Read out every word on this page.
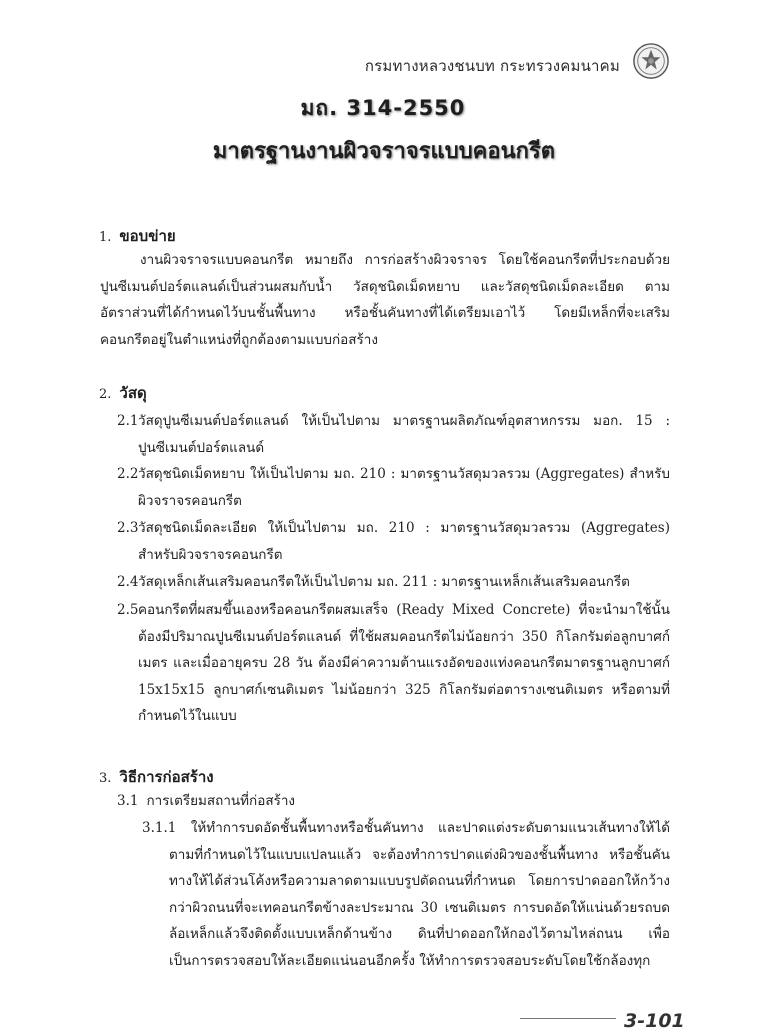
กรมทางหลวงชนบท กระทรวงคมนาคม
มถ. 314-2550
มาตรฐานงานผิวจราจรแบบคอนกรีต
1. ขอบข่าย

งานผิวจราจรแบบคอนกรีต หมายถึง การก่อสร้างผิวจราจร โดยใช้คอนกรีตที่ประกอบด้วยปูนซีเมนต์ปอร์ตแลนด์เป็นส่วนผสมกับน้ำ วัสดุชนิดเม็ดหยาบ และวัสดุชนิดเม็ดละเอียด ตามอัตราส่วนที่ได้กำหนดไว้บนชั้นพื้นทาง หรือชั้นคันทางที่ได้เตรียมเอาไว้ โดยมีเหล็กที่จะเสริมคอนกรีตอยู่ในตำแหน่งที่ถูกต้องตามแบบก่อสร้าง

2. วัสดุ
2.1 วัสดุปูนซีเมนต์ปอร์ตแลนด์ ให้เป็นไปตาม มาตรฐานผลิตภัณฑ์อุตสาหกรรม มอก. 15 : ปูนซีเมนต์ปอร์ตแลนด์
2.2 วัสดุชนิดเม็ดหยาบ ให้เป็นไปตาม มถ. 210 : มาตรฐานวัสดุมวลรวม (Aggregates) สำหรับผิวจราจรคอนกรีต
2.3 วัสดุชนิดเม็ดละเอียด ให้เป็นไปตาม มถ. 210 : มาตรฐานวัสดุมวลรวม (Aggregates) สำหรับผิวจราจรคอนกรีต
2.4 วัสดุเหล็กเส้นเสริมคอนกรีตให้เป็นไปตาม มถ. 211 : มาตรฐานเหล็กเส้นเสริมคอนกรีต
2.5 คอนกรีตที่ผสมขึ้นเองหรือคอนกรีตผสมเสร็จ (Ready Mixed Concrete) ที่จะนำมาใช้นั้น ต้องมีปริมาณปูนซีเมนต์ปอร์ตแลนด์ ที่ใช้ผสมคอนกรีตไม่น้อยกว่า 350 กิโลกรัมต่อลูกบาศก์เมตร และเมื่ออายุครบ 28 วัน ต้องมีค่าความต้านแรงอัดของแท่งคอนกรีตมาตรฐานลูกบาศก์ 15x15x15 ลูกบาศก์เซนติเมตร ไม่น้อยกว่า 325 กิโลกรัมต่อตารางเซนติเมตร หรือตามที่กำหนดไว้ในแบบ
3. วิธีการก่อสร้าง
3.1 การเตรียมสถานที่ก่อสร้าง
3.1.1 ให้ทำการบดอัดชั้นพื้นทางหรือชั้นคันทาง และปาดแต่งระดับตามแนวเส้นทางให้ได้ตามที่กำหนดไว้ในแบบแปลนแล้ว จะต้องทำการปาดแต่งผิวของชั้นพื้นทาง หรือชั้นคันทางให้ได้ส่วนโค้งหรือความลาดตามแบบรูปตัดถนนที่กำหนด โดยการปาดออกให้กว้างกว่าผิวถนนที่จะเทคอนกรีตข้างละประมาณ 30 เซนติเมตร การบดอัดให้แน่นด้วยรถบดล้อเหล็กแล้วจึงติดตั้งแบบเหล็กด้านข้าง ดินที่ปาดออกให้กองไว้ตามไหล่ถนน เพื่อเป็นการตรวจสอบให้ละเอียดแน่นอนอีกครั้ง ให้ทำการตรวจสอบระดับโดยใช้กล้องทุก
3-101
